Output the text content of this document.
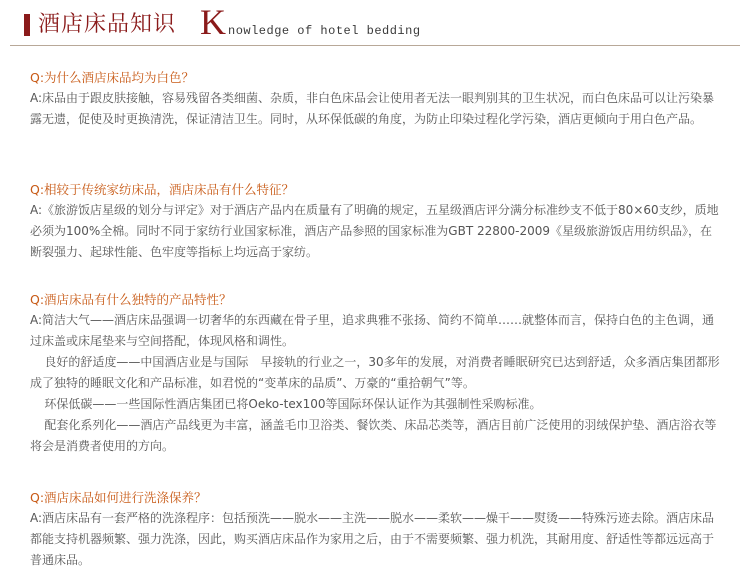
酒店床品知识 K nowledge of hotel bedding
Q:为什么酒店床品均为白色？

A:床品由于跟皮肤接触，容易残留各类细菌、杂质，非白色床品会让使用者无法一眼判别其的卫生状况，而白色床品可以让污染暴露无遗，促使及时更换清洗，保证清洁卫生。同时，从环保低碳的角度，为防止印染过程化学污染，酒店更倾向于用白色产品。

Q:相较于传统家纺床品，酒店床品有什么特征？

A:《旅游饭店星级的划分与评定》对于酒店产品内在质量有了明确的规定，五星级酒店评分满分标准纱支不低于80×60支纱，质地必须为100%全棉。同时不同于家纺行业国家标准，酒店产品参照的国家标准为GBT 22800-2009《星级旅游饭店用纺织品》，在断裂强力、起球性能、色牢度等指标上均远高于家纺。

Q:酒店床品有什么独特的产品特性？

A:简洁大气——酒店床品强调一切奢华的东西藏在骨子里，追求典雅不张扬、简约不简单……就整体而言，保持白色的主色调，通过床盖或床尾垫来与空间搭配，体现风格和调性。

良好的舒适度——中国酒店业是与国际　早接轨的行业之一，30多年的发展，对消费者睡眠研究已达到舒适，众多酒店集团都形成了独特的睡眠文化和产品标准，如君悦的“变革床的品质”、万豪的“重拾朝气”等。

环保低碳——一些国际性酒店集团已将Oeko-tex100等国际环保认证作为其强制性采购标准。

配套化系列化——酒店产品线更为丰富，涵盖毛巾卫浴类、餐饮类、床品芯类等，酒店目前广泛使用的羽绒保护垫、酒店浴衣等将会是消费者使用的方向。

Q:酒店床品如何进行洗涤保养？

A:酒店床品有一套严格的洗涤程序：包括预洗——脱水——主洗——脱水——柔软——燥干——熨烫——特殊污迹去除。酒店床品都能支持机器频繁、强力洗涤，因此，购买酒店床品作为家用之后，由于不需要频繁、强力机洗，其耐用度、舒适性等都远远高于普通床品。
